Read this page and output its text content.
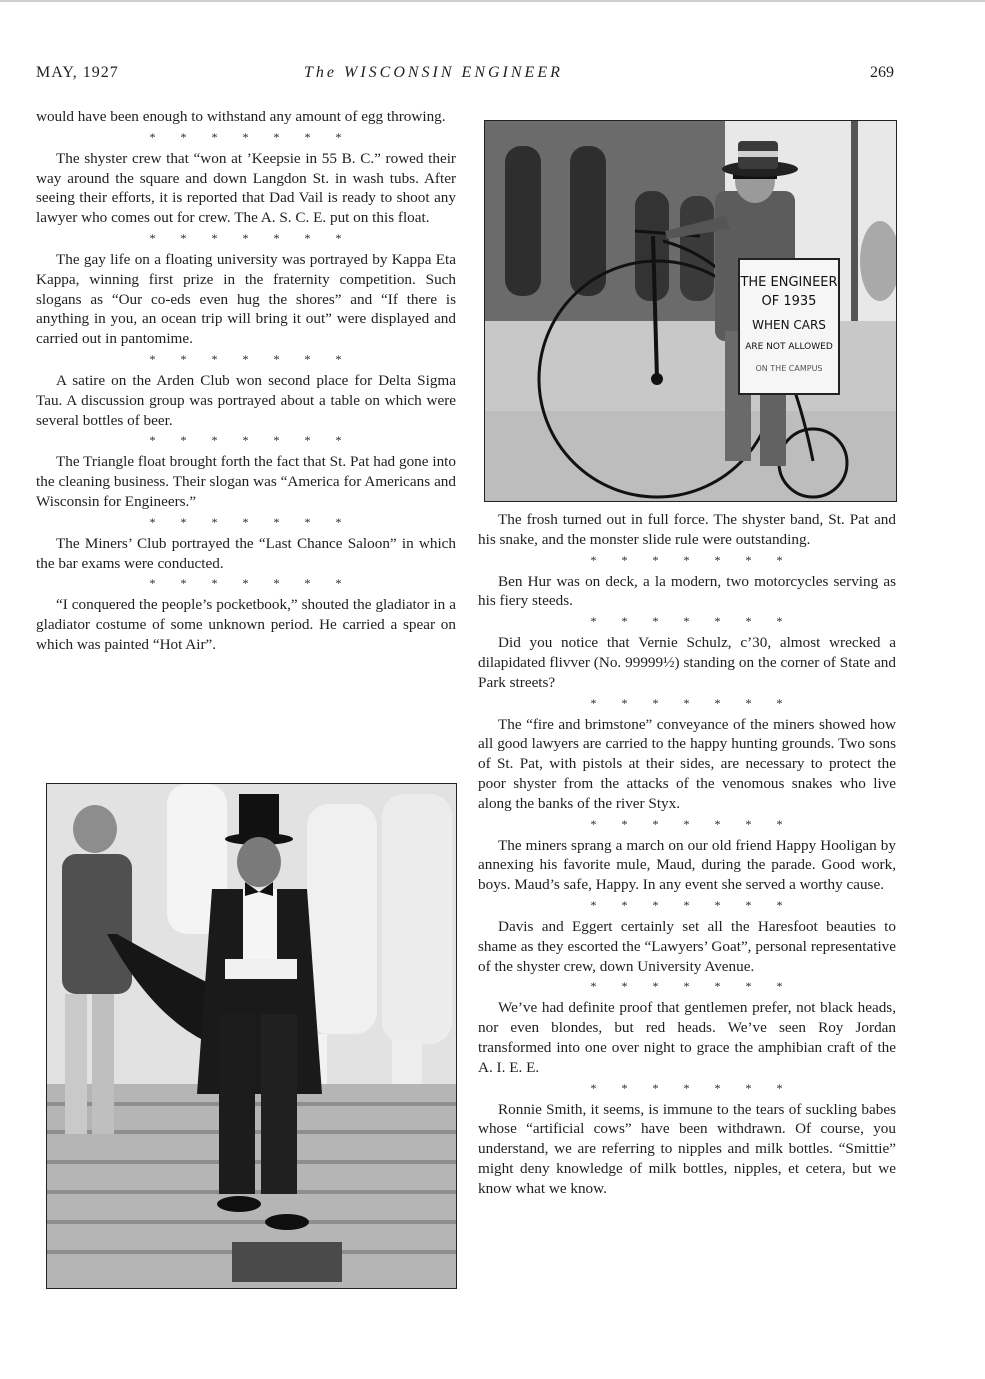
MAY, 1927	The WISCONSIN ENGINEER	269

would have been enough to withstand any amount of egg throwing.

* * * * * * *

The shyster crew that “won at ’Keepsie in 55 B. C.” rowed their way around the square and down Langdon St. in wash tubs. After seeing their efforts, it is reported that Dad Vail is ready to shoot any lawyer who comes out for crew. The A. S. C. E. put on this float.

* * * * * * *

The gay life on a floating university was portrayed by Kappa Eta Kappa, winning first prize in the fraternity competition. Such slogans as “Our co-eds even hug the shores” and “If there is anything in you, an ocean trip will bring it out” were displayed and carried out in pantomime.

* * * * * * *

A satire on the Arden Club won second place for Delta Sigma Tau. A discussion group was portrayed about a table on which were several bottles of beer.

* * * * * * *

The Triangle float brought forth the fact that St. Pat had gone into the cleaning business. Their slogan was “America for Americans and Wisconsin for Engineers.”

* * * * * * *

The Miners’ Club portrayed the “Last Chance Saloon” in which the bar exams were conducted.

* * * * * * *

“I conquered the people’s pocketbook,” shouted the gladiator in a gladiator costume of some unknown period. He carried a spear on which was painted “Hot Air”.

THE ENGINEER
OF 1935
WHEN CARS
ARE NOT ALLOWED
ON THE CAMPUS

The frosh turned out in full force. The shyster band, St. Pat and his snake, and the monster slide rule were outstanding.

* * * * * * *

Ben Hur was on deck, a la modern, two motorcycles serving as his fiery steeds.

* * * * * * *

Did you notice that Vernie Schulz, c’30, almost wrecked a dilapidated flivver (No. 99999½) standing on the corner of State and Park streets?

* * * * * * *

The “fire and brimstone” conveyance of the miners showed how all good lawyers are carried to the happy hunting grounds. Two sons of St. Pat, with pistols at their sides, are necessary to protect the poor shyster from the attacks of the venomous snakes who live along the banks of the river Styx.

* * * * * * *

The miners sprang a march on our old friend Happy Hooligan by annexing his favorite mule, Maud, during the parade. Good work, boys. Maud’s safe, Happy. In any event she served a worthy cause.

* * * * * * *

Davis and Eggert certainly set all the Haresfoot beauties to shame as they escorted the “Lawyers’ Goat”, personal representative of the shyster crew, down University Avenue.

* * * * * * *

We’ve had definite proof that gentlemen prefer, not black heads, nor even blondes, but red heads. We’ve seen Roy Jordan transformed into one over night to grace the amphibian craft of the A. I. E. E.

* * * * * * *

Ronnie Smith, it seems, is immune to the tears of suckling babes whose “artificial cows” have been withdrawn. Of course, you understand, we are referring to nipples and milk bottles. “Smittie” might deny knowledge of milk bottles, nipples, et cetera, but we know what we know.
